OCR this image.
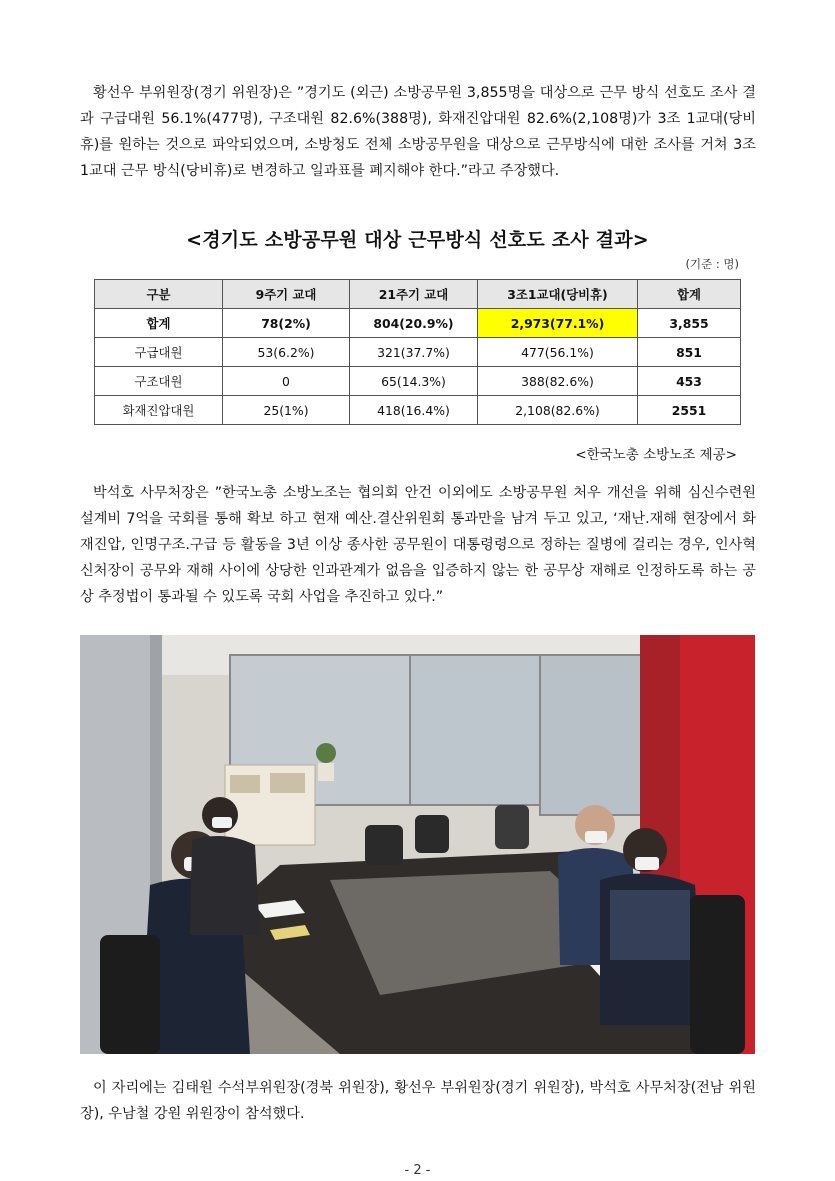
황선우 부위원장(경기 위원장)은 ”경기도 (외근) 소방공무원 3,855명을 대상으로 근무 방식 선호도 조사 결과 구급대원 56.1%(477명), 구조대원 82.6%(388명), 화재진압대원 82.6%(2,108명)가 3조 1교대(당비휴)를 원하는 것으로 파악되었으며, 소방청도 전체 소방공무원을 대상으로 근무방식에 대한 조사를 거쳐 3조 1교대 근무 방식(당비휴)로 변경하고 일과표를 폐지해야 한다.”라고 주장했다.

<경기도 소방공무원 대상 근무방식 선호도 조사 결과>
(기준 : 명)
구분	9주기 교대	21주기 교대	3조1교대(당비휴)	합계
합계	78(2%)	804(20.9%)	2,973(77.1%)	3,855
구급대원	53(6.2%)	321(37.7%)	477(56.1%)	851
구조대원	0	65(14.3%)	388(82.6%)	453
화재진압대원	25(1%)	418(16.4%)	2,108(82.6%)	2551
<한국노총 소방노조 제공>

박석호 사무처장은 ”한국노총 소방노조는 협의회 안건 이외에도 소방공무원 처우 개선을 위해 심신수련원 설계비 7억을 국회를 통해 확보 하고 현재 예산.결산위원회 통과만을 남겨 두고 있고, ‘재난.재해 현장에서 화재진압, 인명구조.구급 등 활동을 3년 이상 종사한 공무원이 대통령령으로 정하는 질병에 걸리는 경우, 인사혁신처장이 공무와 재해 사이에 상당한 인과관계가 없음을 입증하지 않는 한 공무상 재해로 인정하도록 하는 공상 추정법이 통과될 수 있도록 국회 사업을 추진하고 있다.”

이 자리에는 김태원 수석부위원장(경북 위원장), 황선우 부위원장(경기 위원장), 박석호 사무처장(전남 위원장), 우남철 강원 위원장이 참석했다.

- 2 -
